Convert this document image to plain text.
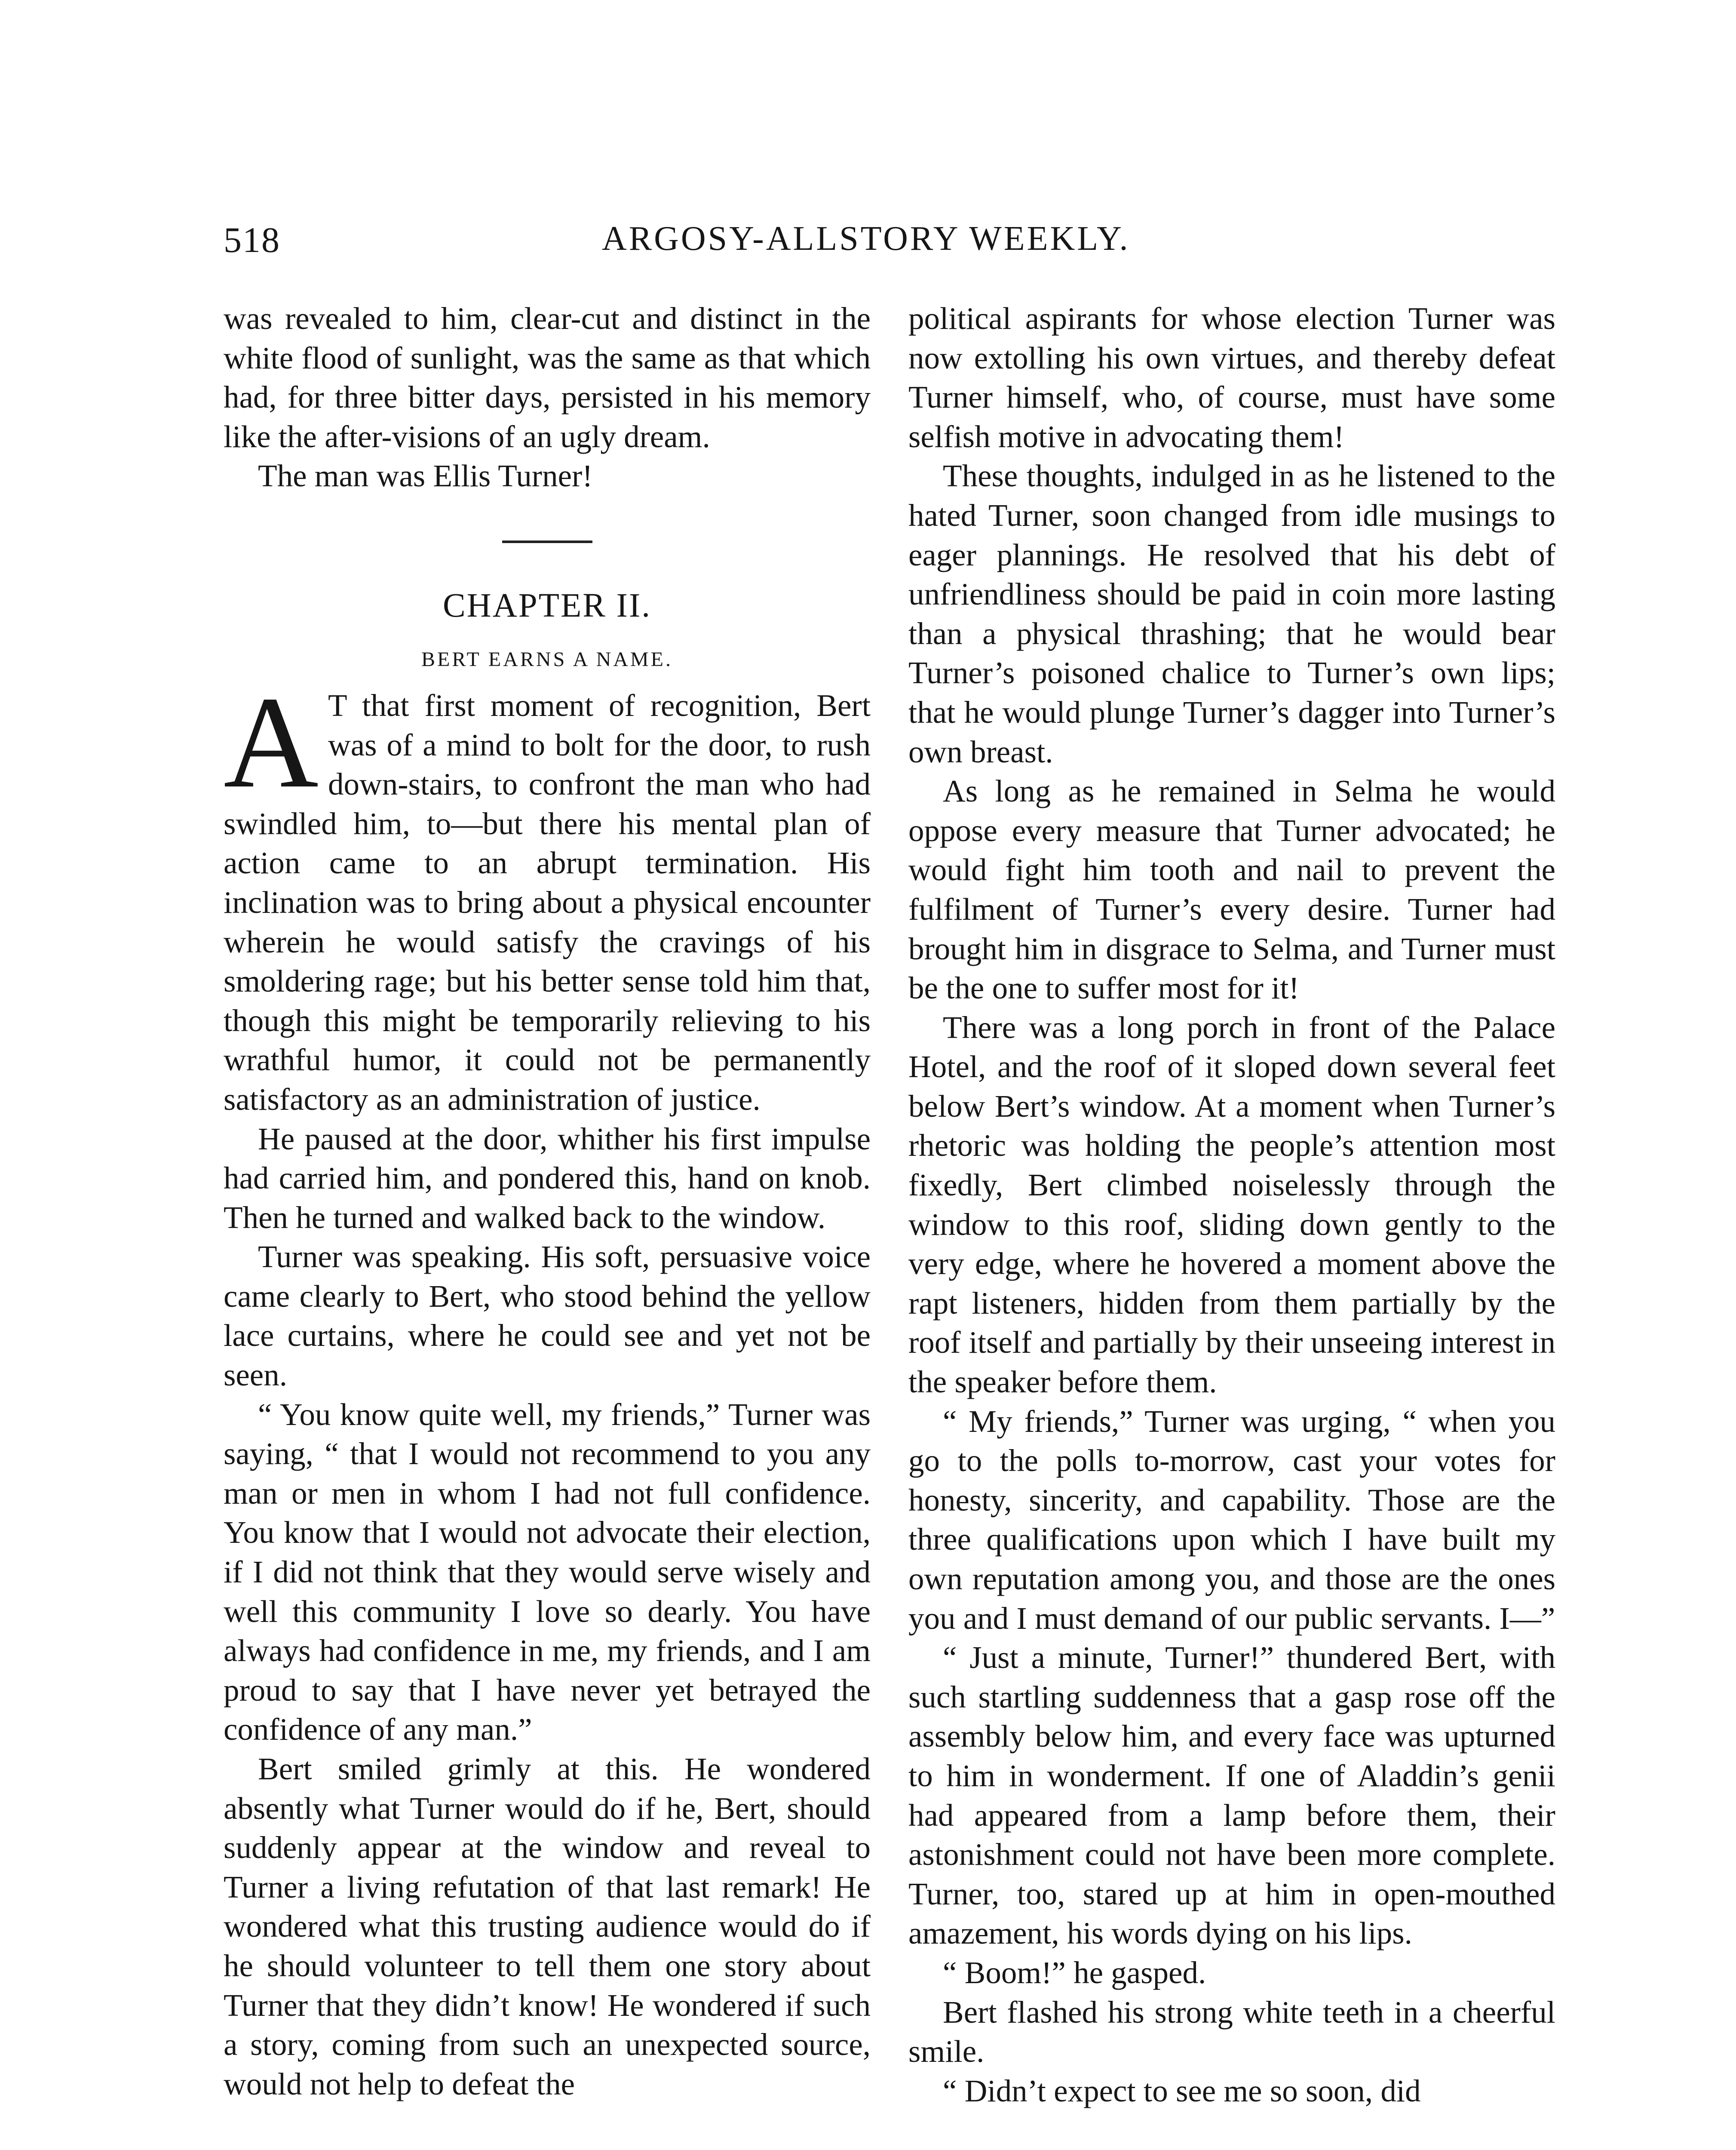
518	ARGOSY-ALLSTORY WEEKLY.

was revealed to him, clear-cut and distinct in the white flood of sunlight, was the same as that which had, for three bitter days, persisted in his memory like the after-visions of an ugly dream.

The man was Ellis Turner!

CHAPTER II.
BERT EARNS A NAME.

A T that first moment of recognition, Bert was of a mind to bolt for the door, to rush down-stairs, to confront the man who had swindled him, to—but there his mental plan of action came to an abrupt termination. His inclination was to bring about a physical encounter wherein he would satisfy the cravings of his smoldering rage; but his better sense told him that, though this might be temporarily relieving to his wrathful humor, it could not be permanently satisfactory as an administration of justice.

He paused at the door, whither his first impulse had carried him, and pondered this, hand on knob. Then he turned and walked back to the window.

Turner was speaking. His soft, persuasive voice came clearly to Bert, who stood behind the yellow lace curtains, where he could see and yet not be seen.

“ You know quite well, my friends,” Turner was saying, “ that I would not recommend to you any man or men in whom I had not full confidence. You know that I would not advocate their election, if I did not think that they would serve wisely and well this community I love so dearly. You have always had confidence in me, my friends, and I am proud to say that I have never yet betrayed the confidence of any man.”

Bert smiled grimly at this. He wondered absently what Turner would do if he, Bert, should suddenly appear at the window and reveal to Turner a living refutation of that last remark! He wondered what this trusting audience would do if he should volunteer to tell them one story about Turner that they didn’t know! He wondered if such a story, coming from such an unexpected source, would not help to defeat the

political aspirants for whose election Turner was now extolling his own virtues, and thereby defeat Turner himself, who, of course, must have some selfish motive in advocating them!

These thoughts, indulged in as he listened to the hated Turner, soon changed from idle musings to eager plannings. He resolved that his debt of unfriendliness should be paid in coin more lasting than a physical thrashing; that he would bear Turner’s poisoned chalice to Turner’s own lips; that he would plunge Turner’s dagger into Turner’s own breast.

As long as he remained in Selma he would oppose every measure that Turner advocated; he would fight him tooth and nail to prevent the fulfilment of Turner’s every desire. Turner had brought him in disgrace to Selma, and Turner must be the one to suffer most for it!

There was a long porch in front of the Palace Hotel, and the roof of it sloped down several feet below Bert’s window. At a moment when Turner’s rhetoric was holding the people’s attention most fixedly, Bert climbed noiselessly through the window to this roof, sliding down gently to the very edge, where he hovered a moment above the rapt listeners, hidden from them partially by the roof itself and partially by their unseeing interest in the speaker before them.

“ My friends,” Turner was urging, “ when you go to the polls to-morrow, cast your votes for honesty, sincerity, and capability. Those are the three qualifications upon which I have built my own reputation among you, and those are the ones you and I must demand of our public servants. I—”

“ Just a minute, Turner!” thundered Bert, with such startling suddenness that a gasp rose off the assembly below him, and every face was upturned to him in wonderment. If one of Aladdin’s genii had appeared from a lamp before them, their astonishment could not have been more complete. Turner, too, stared up at him in open-mouthed amazement, his words dying on his lips.

“ Boom!” he gasped.

Bert flashed his strong white teeth in a cheerful smile.

“ Didn’t expect to see me so soon, did
